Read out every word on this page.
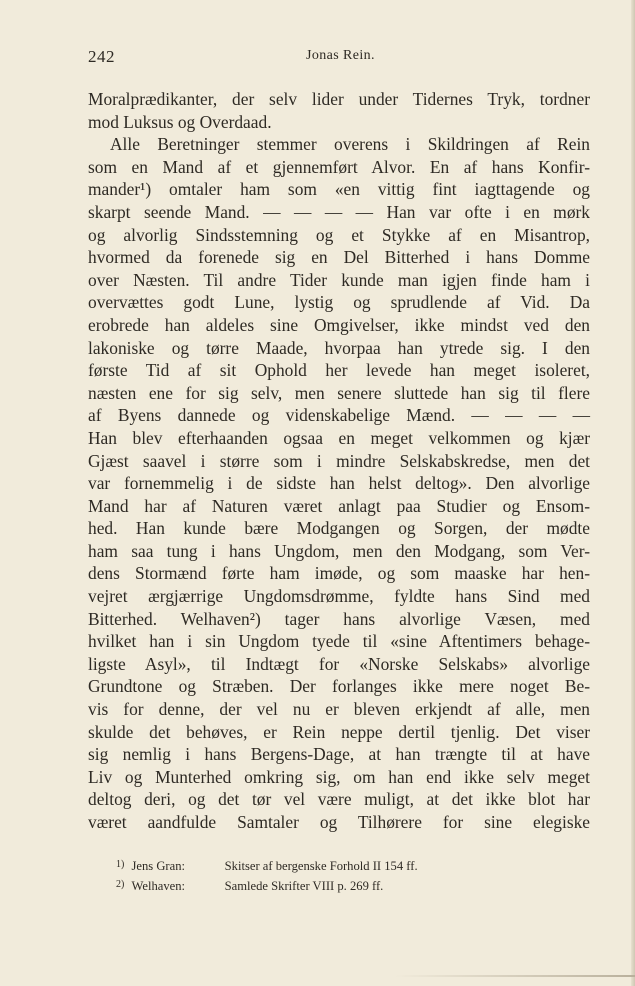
242	Jonas Rein.
Moralprædikanter, der selv lider under Tidernes Tryk, tordner
mod Luksus og Overdaad.
Alle Beretninger stemmer overens i Skildringen af Rein
som en Mand af et gjennemført Alvor. En af hans Konfir-
mander¹) omtaler ham som «en vittig fint iagttagende og
skarpt seende Mand. — — — — Han var ofte i en mørk
og alvorlig Sindsstemning og et Stykke af en Misantrop,
hvormed da forenede sig en Del Bitterhed i hans Domme
over Næsten. Til andre Tider kunde man igjen finde ham i
overvættes godt Lune, lystig og sprudlende af Vid. Da
erobrede han aldeles sine Omgivelser, ikke mindst ved den
lakoniske og tørre Maade, hvorpaa han ytrede sig. I den
første Tid af sit Ophold her levede han meget isoleret,
næsten ene for sig selv, men senere sluttede han sig til flere
af Byens dannede og videnskabelige Mænd. — — — —
Han blev efterhaanden ogsaa en meget velkommen og kjær
Gjæst saavel i større som i mindre Selskabskredse, men det
var fornemmelig i de sidste han helst deltog». Den alvorlige
Mand har af Naturen været anlagt paa Studier og Ensom-
hed. Han kunde bære Modgangen og Sorgen, der mødte
ham saa tung i hans Ungdom, men den Modgang, som Ver-
dens Stormænd førte ham imøde, og som maaske har hen-
vejret ærgjærrige Ungdomsdrømme, fyldte hans Sind med
Bitterhed. Welhaven²) tager hans alvorlige Væsen, med
hvilket han i sin Ungdom tyede til «sine Aftentimers behage-
ligste Asyl», til Indtægt for «Norske Selskabs» alvorlige
Grundtone og Stræben. Der forlanges ikke mere noget Be-
vis for denne, der vel nu er bleven erkjendt af alle, men
skulde det behøves, er Rein neppe dertil tjenlig. Det viser
sig nemlig i hans Bergens-Dage, at han trængte til at have
Liv og Munterhed omkring sig, om han end ikke selv meget
deltog deri, og det tør vel være muligt, at det ikke blot har
været aandfulde Samtaler og Tilhørere for sine elegiske
$^{1)}$ Jens Gran:	Skitser af bergenske Forhold II 154 ff.
$^{2)}$ Welhaven:	Samlede Skrifter VIII p. 269 ff.
